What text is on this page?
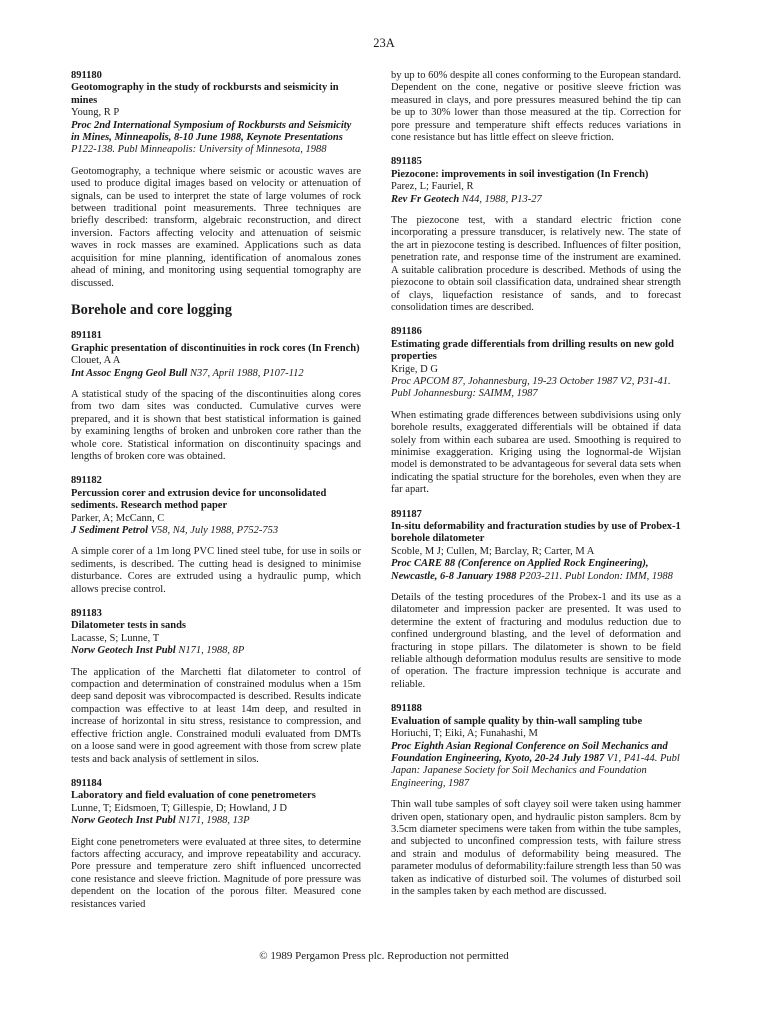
23A
891180
Geotomography in the study of rockbursts and seismicity in mines
Young, R P
Proc 2nd International Symposium of Rockbursts and Seismicity in Mines, Minneapolis, 8-10 June 1988, Keynote Presentations P122-138. Publ Minneapolis: University of Minnesota, 1988
Geotomography, a technique where seismic or acoustic waves are used to produce digital images based on velocity or attenuation of signals, can be used to interpret the state of large volumes of rock between traditional point measurements. Three techniques are briefly described: transform, algebraic reconstruction, and direct inversion. Factors affecting velocity and attenuation of seismic waves in rock masses are examined. Applications such as data acquisition for mine planning, identification of anomalous zones ahead of mining, and monitoring using sequential tomography are discussed.
Borehole and core logging
891181
Graphic presentation of discontinuities in rock cores (In French)
Clouet, A A
Int Assoc Engng Geol Bull N37, April 1988, P107-112
A statistical study of the spacing of the discontinuities along cores from two dam sites was conducted. Cumulative curves were prepared, and it is shown that best statistical information is gained by examining lengths of broken and unbroken core rather than the whole core. Statistical information on discontinuity spacings and lengths of broken core was obtained.
891182
Percussion corer and extrusion device for unconsolidated sediments. Research method paper
Parker, A; McCann, C
J Sediment Petrol V58, N4, July 1988, P752-753
A simple corer of a 1m long PVC lined steel tube, for use in soils or sediments, is described. The cutting head is designed to minimise disturbance. Cores are extruded using a hydraulic pump, which allows precise control.
891183
Dilatometer tests in sands
Lacasse, S; Lunne, T
Norw Geotech Inst Publ N171, 1988, 8P
The application of the Marchetti flat dilatometer to control of compaction and determination of constrained modulus when a 15m deep sand deposit was vibrocompacted is described. Results indicate compaction was effective to at least 14m deep, and resulted in increase of horizontal in situ stress, resistance to compression, and effective friction angle. Constrained moduli evaluated from DMTs on a loose sand were in good agreement with those from screw plate tests and back analysis of settlement in silos.
891184
Laboratory and field evaluation of cone penetrometers
Lunne, T; Eidsmoen, T; Gillespie, D; Howland, J D
Norw Geotech Inst Publ N171, 1988, 13P
Eight cone penetrometers were evaluated at three sites, to determine factors affecting accuracy, and improve repeatability and accuracy. Pore pressure and temperature zero shift influenced uncorrected cone resistance and sleeve friction. Magnitude of pore pressure was dependent on the location of the porous filter. Measured cone resistances varied
by up to 60% despite all cones conforming to the European standard. Dependent on the cone, negative or positive sleeve friction was measured in clays, and pore pressures measured behind the tip can be up to 30% lower than those measured at the tip. Correction for pore pressure and temperature shift effects reduces variations in cone resistance but has little effect on sleeve friction.
891185
Piezocone: improvements in soil investigation (In French)
Parez, L; Fauriel, R
Rev Fr Geotech N44, 1988, P13-27
The piezocone test, with a standard electric friction cone incorporating a pressure transducer, is relatively new. The state of the art in piezocone testing is described. Influences of filter position, penetration rate, and response time of the instrument are examined. A suitable calibration procedure is described. Methods of using the piezocone to obtain soil classification data, undrained shear strength of clays, liquefaction resistance of sands, and to forecast consolidation times are described.
891186
Estimating grade differentials from drilling results on new gold properties
Krige, D G
Proc APCOM 87, Johannesburg, 19-23 October 1987 V2, P31-41. Publ Johannesburg: SAIMM, 1987
When estimating grade differences between subdivisions using only borehole results, exaggerated differentials will be obtained if data solely from within each subarea are used. Smoothing is required to minimise exaggeration. Kriging using the lognormal-de Wijsian model is demonstrated to be advantageous for several data sets when indicating the spatial structure for the boreholes, even when they are far apart.
891187
In-situ deformability and fracturation studies by use of Probex-1 borehole dilatometer
Scoble, M J; Cullen, M; Barclay, R; Carter, M A
Proc CARE 88 (Conference on Applied Rock Engineering), Newcastle, 6-8 January 1988 P203-211. Publ London: IMM, 1988
Details of the testing procedures of the Probex-1 and its use as a dilatometer and impression packer are presented. It was used to determine the extent of fracturing and modulus reduction due to confined underground blasting, and the level of deformation and fracturing in stope pillars. The dilatometer is shown to be field reliable although deformation modulus results are sensitive to mode of operation. The fracture impression technique is accurate and reliable.
891188
Evaluation of sample quality by thin-wall sampling tube
Horiuchi, T; Eiki, A; Funahashi, M
Proc Eighth Asian Regional Conference on Soil Mechanics and Foundation Engineering, Kyoto, 20-24 July 1987 V1, P41-44. Publ Japan: Japanese Society for Soil Mechanics and Foundation Engineering, 1987
Thin wall tube samples of soft clayey soil were taken using hammer driven open, stationary open, and hydraulic piston samplers. 8cm by 3.5cm diameter specimens were taken from within the tube samples, and subjected to unconfined compression tests, with failure stress and strain and modulus of deformability being measured. The parameter modulus of deformability:failure strength less than 50 was taken as indicative of disturbed soil. The volumes of disturbed soil in the samples taken by each method are discussed.
© 1989 Pergamon Press plc. Reproduction not permitted
